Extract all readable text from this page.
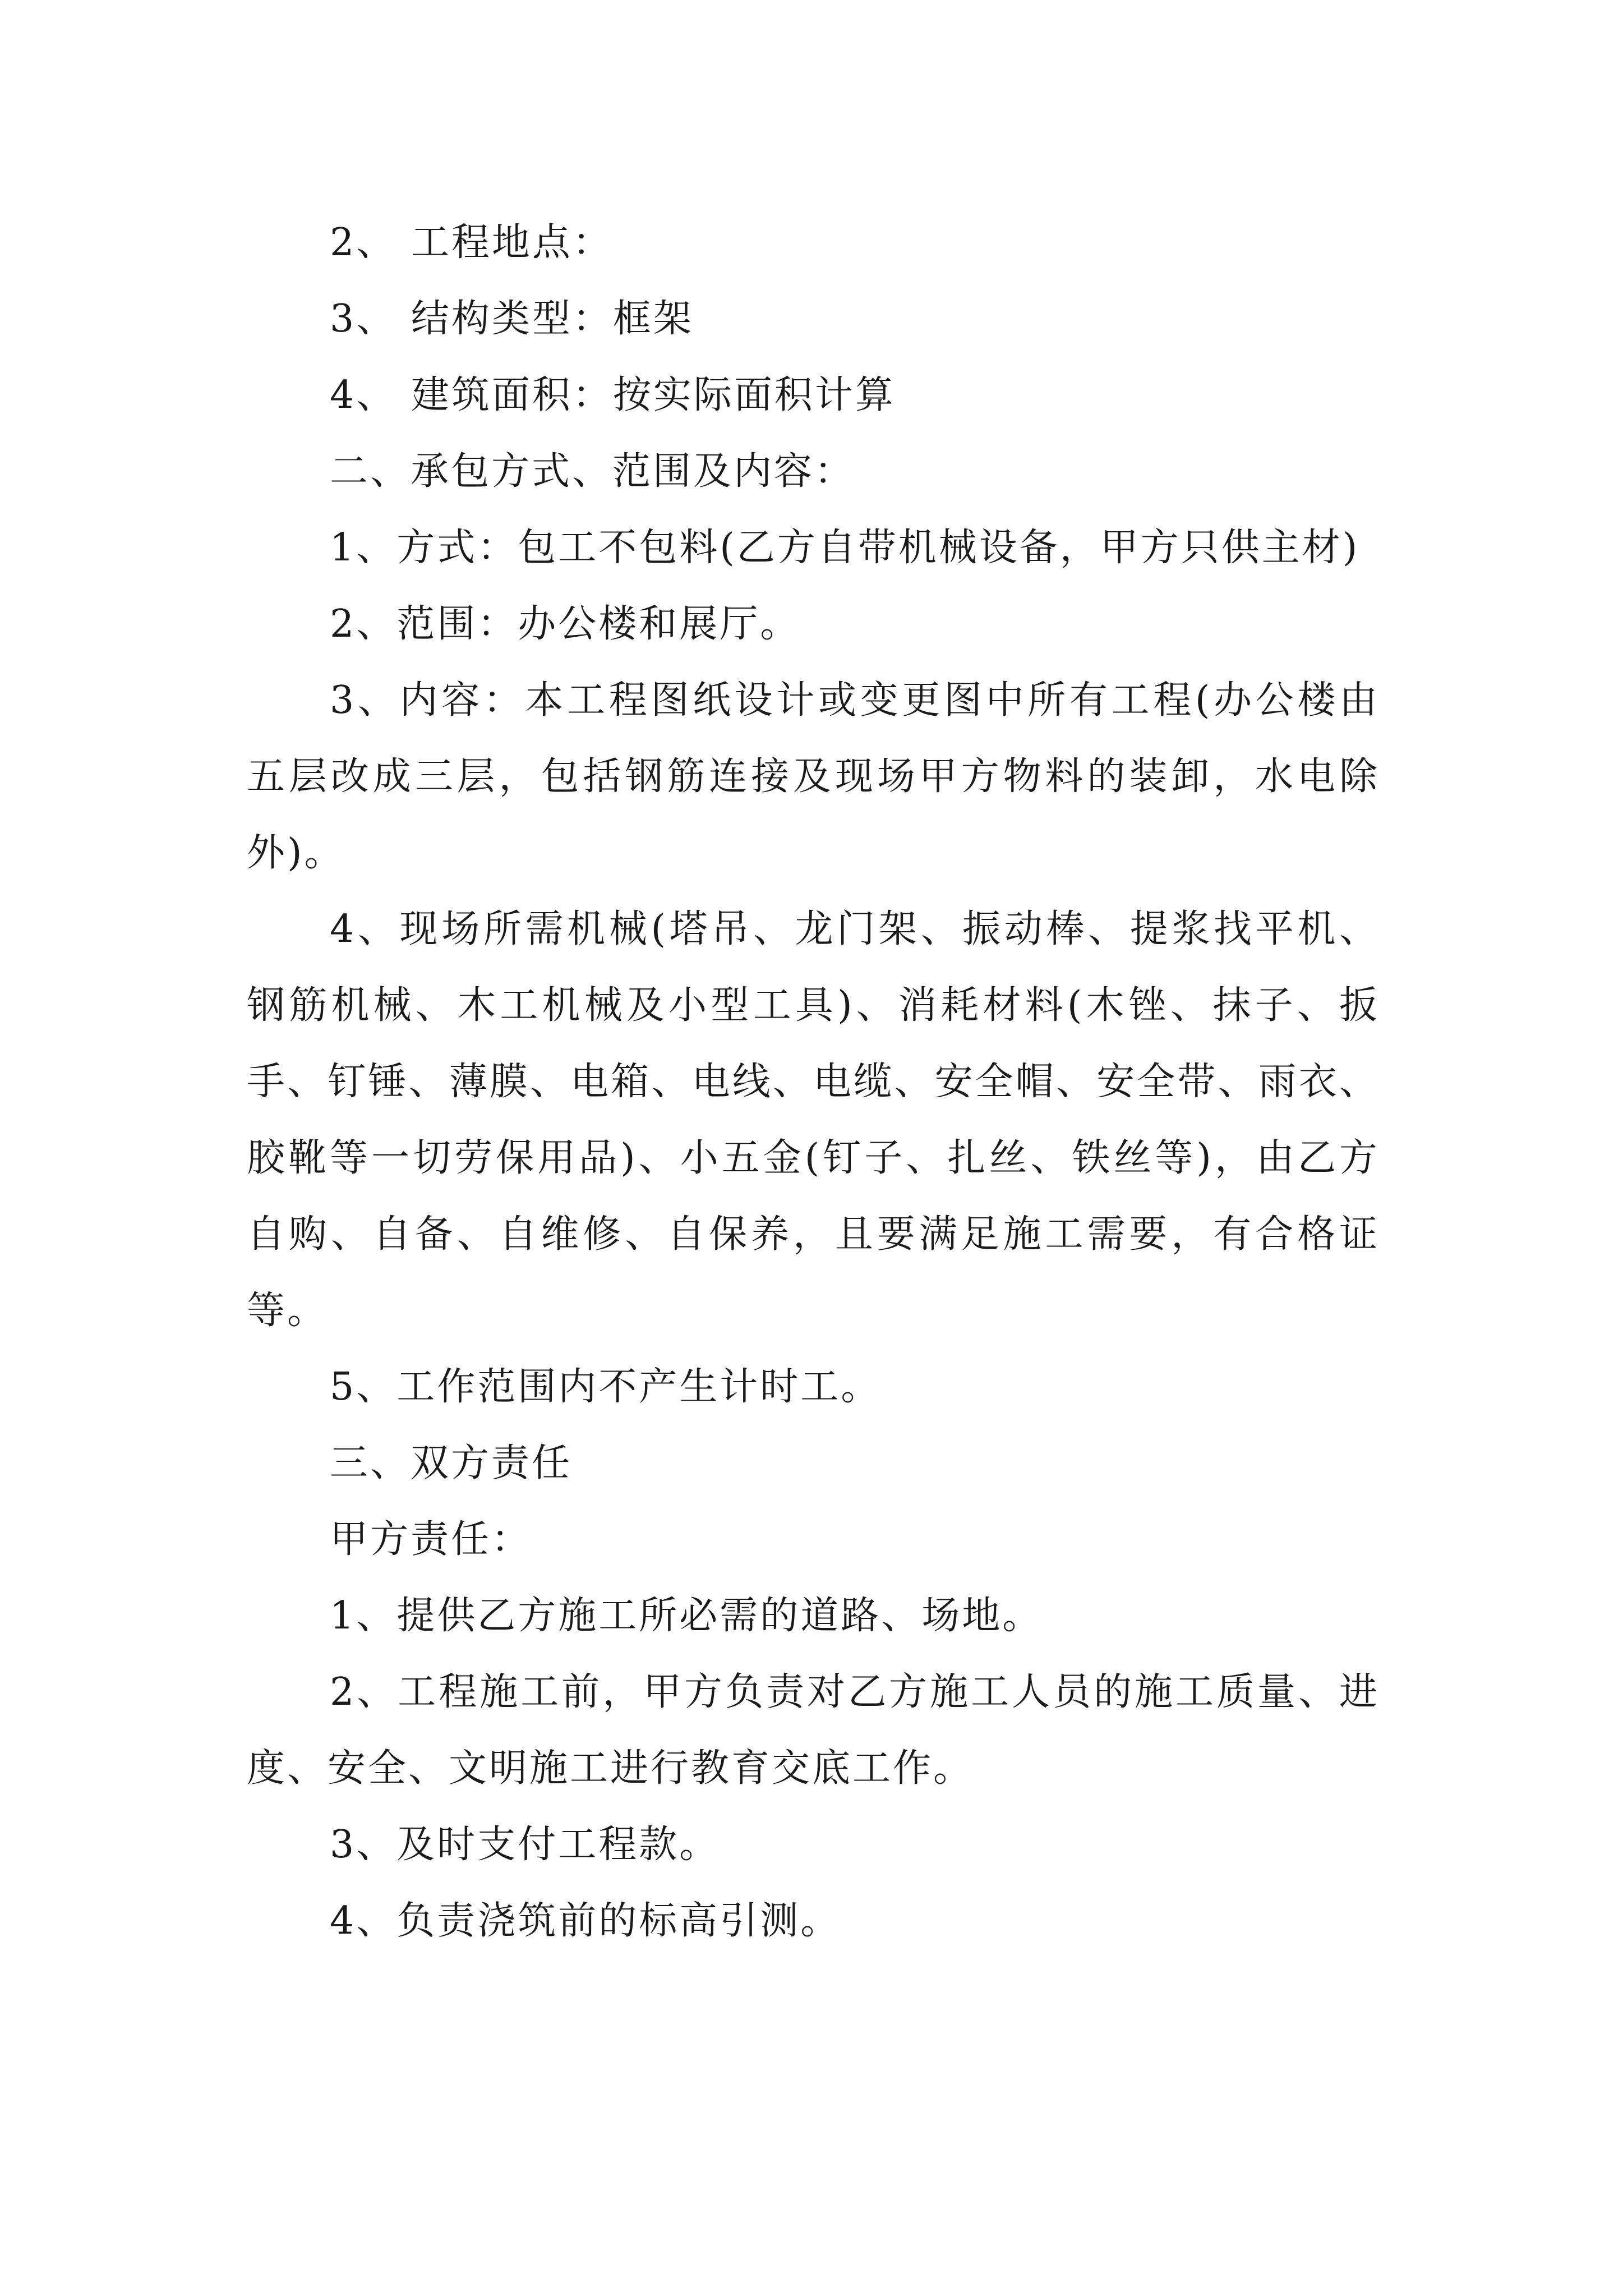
2、 工程地点：

3、 结构类型：框架

4、 建筑面积：按实际面积计算

二、承包方式、范围及内容：

1、方式：包工不包料(乙方自带机械设备，甲方只供主材)

2、范围：办公楼和展厅。

3、内容：本工程图纸设计或变更图中所有工程(办公楼由五层改成三层，包括钢筋连接及现场甲方物料的装卸，水电除外)。

4、现场所需机械(塔吊、龙门架、振动棒、提浆找平机、钢筋机械、木工机械及小型工具)、消耗材料(木锉、抹子、扳手、钉锤、薄膜、电箱、电线、电缆、安全帽、安全带、雨衣、胶靴等一切劳保用品)、小五金(钉子、扎丝、铁丝等)，由乙方自购、自备、自维修、自保养，且要满足施工需要，有合格证等。

5、工作范围内不产生计时工。

三、双方责任

甲方责任：

1、提供乙方施工所必需的道路、场地。

2、工程施工前，甲方负责对乙方施工人员的施工质量、进度、安全、文明施工进行教育交底工作。

3、及时支付工程款。

4、负责浇筑前的标高引测。
